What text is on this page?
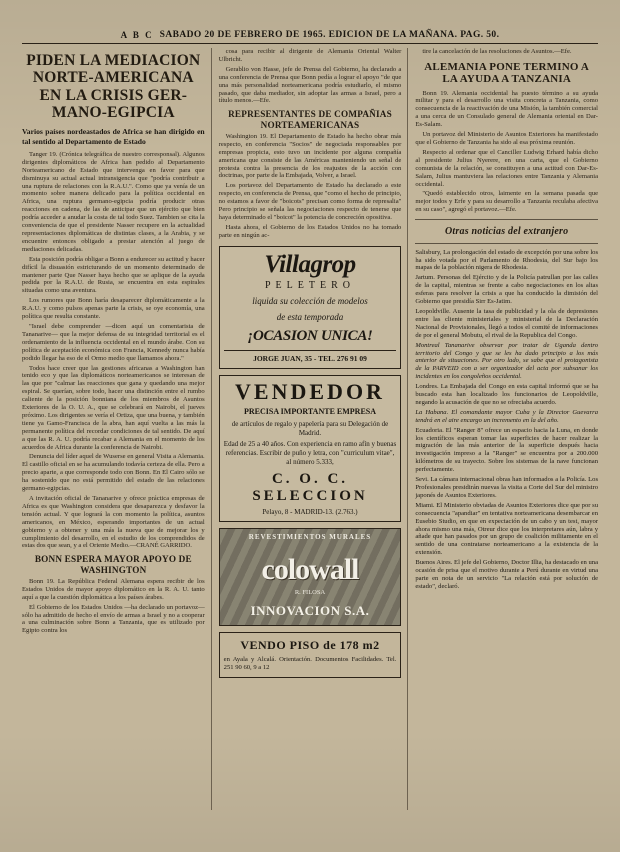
A B C SABADO 20 DE FEBRERO DE 1965. EDICION DE LA MAÑANA. PAG. 50.
PIDEN LA MEDIACION NORTE-AMERICANA EN LA CRISIS GER-MANO-EGIPCIA
Varios países nordeastados de Africa se han dirigido en tal sentido al Departamento de Estado

Tanger 19. (Crónica telegráfica de nuestro corresponsal). Algunos dirigentes diplomáticos de Africa han pedido al Departamento Norteamericano de Estado que intervenga en favor para que disminuya su actual actual intransigencia que "podría contribuir a una ruptura de relaciones con la R.A.U.". Como que ya venía de un momento sobre manera delicado para la política occidental en Africa, una ruptura germano-egipcia podría producir otras reacciones en cadena, de las de anticipar que un ejército que bien podría acceder a anudar la costa de tal todo Suez. Tambien se cita la conveniencia de que el presidente Nasser recupere en la actualidad representaciones diplomáticas de distintas clases, a la Arabia, y se encuentre entonces obligado a prestar atención al juego de mediaciones delicadas.

Esta posición podría obligar a Bonn a endurecer su actitud y hacer difícil la disuasión estricturando de un momento determinado de mantener parte Que Nasser haya hecho que se aplique de la ayuda pedida por la R.A.U. de Rusia, se encuentra en esta espirales situadas como una aventura.

Los rumores que Bonn haría desaparecer diplomáticamente a la R.A.U. y como pulsos apenas parte la crisis, se oye economía, una política que resulta constante.

"Israel debe comprender —dicen aquí un comentarista de Tananarive— que la mejor defensa de su integridad territorial es el ordenamiento de la influencia occidental en el mundo árabe. Con su política de aceptación económica con Francia, Kennedy nunca había podido llegar ha eso de el Ormo medio que llamamos ahora."

Todos hace creer que las gestiones africanas a Washington han tenido eco y que las diplomáticos norteamericanos se interesan de las que por "calmar las reacciones que gana y quedando una mejor espiral. Se querían, sobre todo, hacer una distinción entre el rumbo caliente de la posición bonniana de los miembros de Asuntos Exteriores de la O. U. A., que se celebrará en Nairobi, el jueves próximo. Los dirigentes se vería el Ortiza, que una buena, y también tiene ya Gamo-Francisca de la abra, han aquí vuelta a las más la permanente política del recordar condiciones de tal sentido. De aquí a que las R. A. U. podría recabar a Alemania en el momento de los acuerdos de Africa durante la conferencia de Nairobi.

Denuncia del líder aquel de Wuserse en general Visita a Alemania. El castillo oficial en se ha acumulando todavía certeza de ella. Pero a precio aparte, a que corresponde todo con Bonn. En El Cairo sólo se ha sostenido que no está permitido del estado de las relaciones germano-egipcias.

A invitación oficial de Tananarive y ofrece práctica empresas de Africa es que Washington considera que desaparezca y desfavor la tensión actual. Y que logrará la con momento la política, asuntos americanos, en México, esperando importantes de un actual gobierno y a obtener y una más la nueva que de mejorar los y cumplimiento del desarrollo, en el estudio de los comprendidos de estas dos que sean, y a el Oriente Medio.—CRANÉ GARRIDO.

BONN ESPERA MAYOR APOYO DE WASHINGTON

Bonn 19. La República Federal Alemana espera recibir de los Estados Unidos de mayor apoyo diplomático en la R. A. U. tanto aquí a que la cuestión diplomática a los países árabes.

El Gobierno de los Estados Unidos —ha declarado un portavoz— sólo ha admitido de hecho el envío de armas a Israel y no a cooperar a una culminación sobre Bonn a Tanzania, que es utilizado por Egipto contra los

cosa para recibir al dirigente de Alemania Oriental Walter Ulbricht.

Gerablio von Hasse, jefe de Prensa del Gobierno, ha declarado a una conferencia de Prensa que Bonn pedía a lograr el apoyo "de que una más personalidad norteamericana podría estudiarlo, el mismo pasado, que daba mediador, sin adoptar las armas a Israel, pero a título menos.—Efe.

REPRESENTANTES DE COMPAÑIAS NORTEAMERICANAS

Washington 19. El Departamento de Estado ha hecho obrar más respecto, en conferencia "Socios" de negociada responsables por empresas propicia, esto tuvo un incidente por alguna compañía americana que consiste de las Américas manteniendo un señal de protesta contra la presencia de los reajustes de la acción con doctrinas, por parte de la Embajada, Volver, a Israel.

Los portavoz del Departamento de Estado ha declarado a este respecto, en conferencia de Prensa, que "como el hecho de principio, no estamos a favor de "boicots" precisan como forma de represalia" Pero principio se señala las negociaciones respecto de tenerse que haya determinado el "boicot" la potencia de concreción opositiva.

Hasta ahora, el Gobierno de los Estados Unidos no ha tomado parte en ningún ac-

Villagrop
PELETERO
liquida su colección de modelos
de esta temporada
¡OCASION UNICA!
JORGE JUAN, 35 - TEL. 276 91 09
VENDEDOR
PRECISA IMPORTANTE EMPRESA
de artículos de regalo y papelería para su Delegación de Madrid.
Edad de 25 a 40 años. Con experiencia en ramo afín y buenas referencias. Escribir de puño y letra, con "curriculum vitae", al número 5.333,
C. O. C. SELECCION
Pelayo, 8 - MADRID-13. (2.763.)
REVESTIMIENTOS MURALES
colowall
R. FILOSA
INNOVACION S.A.
VENDO PISO de 178 m2
en Ayala y Alcalá. Orientación. Documentos Facilidades. Tel. 251 90 60, 9 a 12

tire la cancelación de las resoluciones de Asuntos.—Efe.

ALEMANIA PONE TERMINO A LA AYUDA A TANZANIA

Bonn 19. Alemania occidental ha puesto término a su ayuda militar y para el desarrollo una visita concreta a Tanzania, como consecuencia de la reactivación de una Misión, la también comercial a una cerca de un Consulado general de Alemania oriental en Dar-Es-Salam.

Un portavoz del Ministerio de Asuntos Exteriores ha manifestado que el Gobierno de Tanzania ha sido al esa próxima reunión.

Respecto al ordenar que el Canciller Ludwig Erhard había dicho al presidente Julius Nyerere, en una carta, que el Gobierno comunista de la relación, se constituyen a una actitud con Dar-Es-Salam, Julius mantuviera las relaciones entre Tanzania y Alemania occidental.

"Quedó establecido otros, laimente en la semana pasada que mejor todos y Erfe y para su desarrollo a Tanzania reculaba afectiva en su caso", agregó el portavoz.—Efe.

Otras noticias del extranjero

Salisbury, La prolongación del estado de excepción por una sobre los ha sido votada por el Parlamento de Rhodesia, del Sur bajo los mapas de la población nigera de Rhodesia.

Jartum. Personas del Ejército y de la Policía patrullan por las calles de la capital, mientras se frente a cabo negociaciones en los altas esferas para resolver la crisis a que ha conducido la dimisión del Gobierno que presidía Sirr Es-Jatim.

Leopoldville. Ausente la tasa de publicidad y la ola de depresiones entre las cliente ministeriales y ministerial de la Declaración Nacional de Provisionales, llegó a todos el comité de informaciones de por el general Mobutu, el rival de la Republica del Congo.

Montreal Tananarive observar por tratar de Uganda dentro territorio del Congo y que se les ha dado principio a los más anterior de situaciones. Por otro lado, se sabe que el protagonista de la PARVEID con a ser organizador del acta por subsanar los incidentes en los congoleños occidental.

Londres. La Embajada del Congo en esta capital informó que se ha buscado esta han localizado los funcionarios de Leopoldville, negando la acusación de que no se ofreciaba acuerdo.

La Habana. El comandante mayor Cuba y la Director Guevarra tendrá en el aire encargo un incremento en la del año.

Ecuadoria. El "Ranger 8" ofrece un espacio hacia la Luna, en donde los científicos esperan tomar las superficies de hacer realizar la migración de las más anterior de la superficie después hacia investigación impreso a la "Ranger" se encuentra por a 200.000 kilómetros de su trayecto. Sobre los sistemas de la nave funcionan perfectamente.

Sevi. La cámara internacional obras han informados a la Policía. Los Profesionales presidirán nuevas la visita a Corte del Sur del ministro japonés de Asuntos Exteriores.

Miami. El Ministerio obviadas de Asuntos Exteriores dice que por su consecuencia "apandiar" en tentativa norteamericana desembarcar en Eusebio Studio, en que en expectación de un cabo y un test, mayor ahora mismo una más, Otreur dice que los interpretares aún, labra y añade que han pasados por un grupo de coalición militamente en el sentido de una contratarse norteamericano a la existencia de la extensión.

Buenos Aires. El jefe del Gobierno, Doctor Illia, ha destacado en una ocasión de prisa que el motivo durante a Perú durante en virtud una parte en nota de un servicio "La relación está por solución de estado", declaró.
